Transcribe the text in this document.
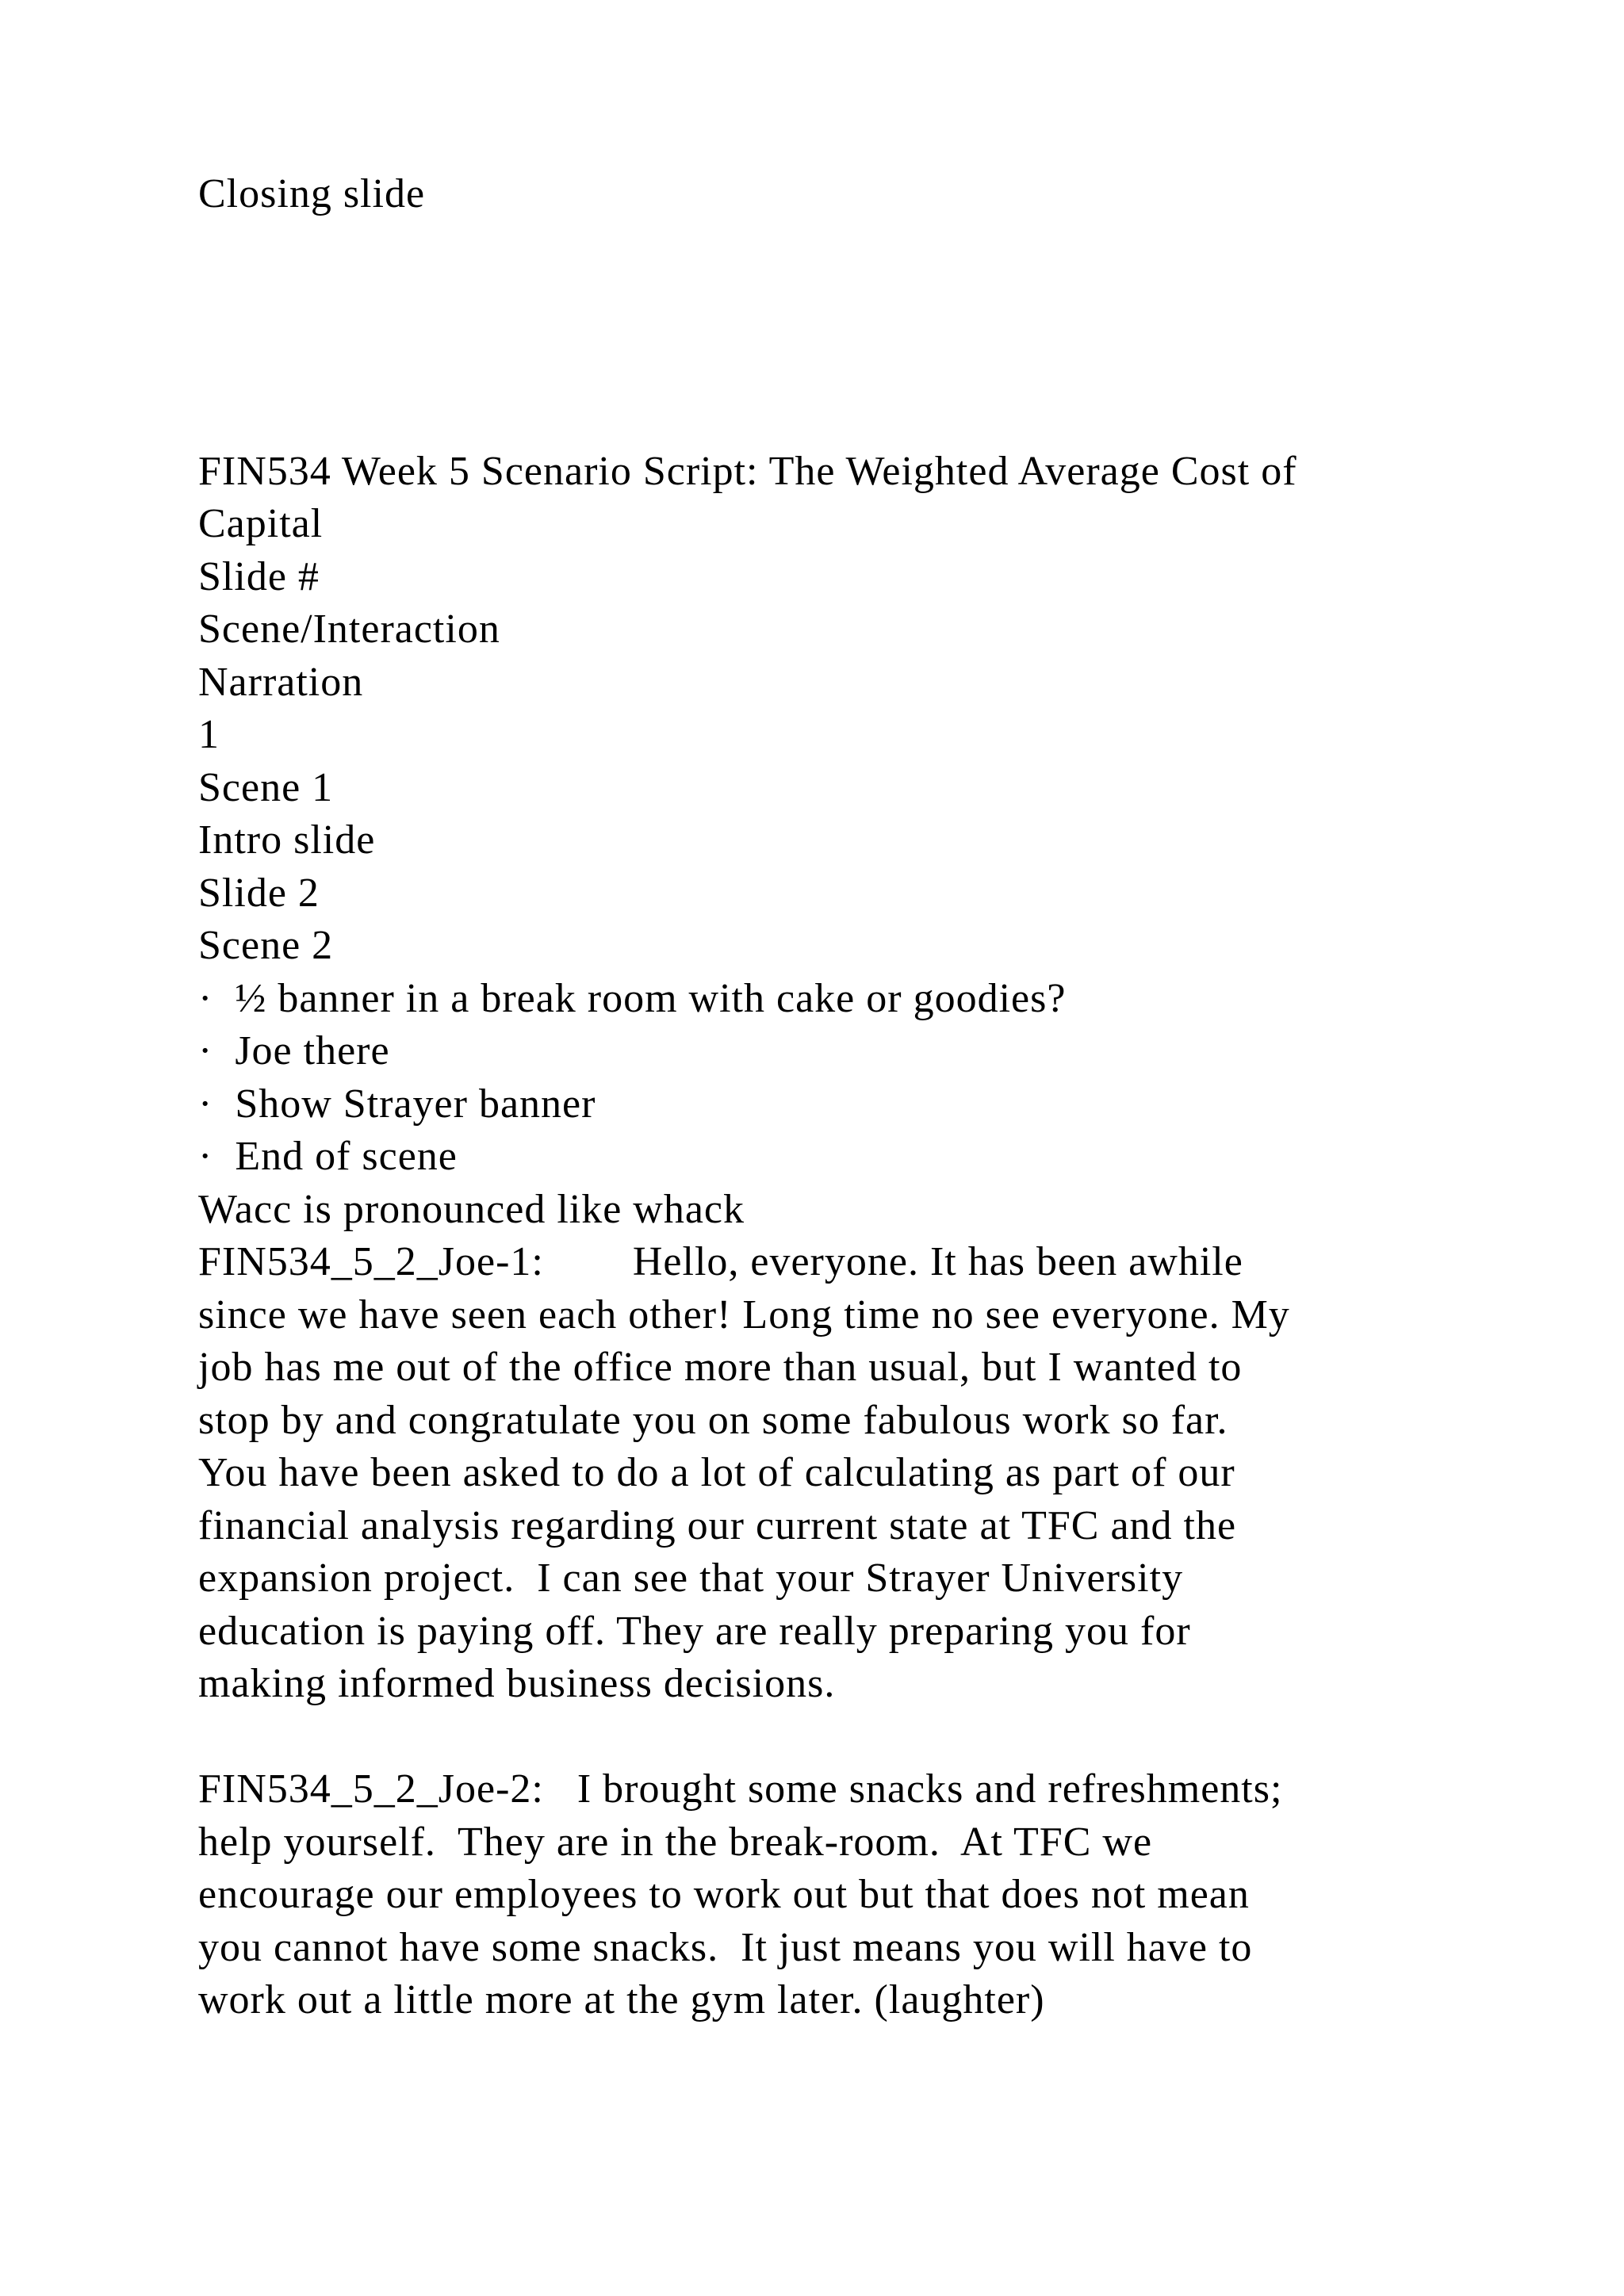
Closing slide
FIN534 Week 5 Scenario Script: The Weighted Average Cost of
Capital
Slide #
Scene/Interaction
Narration
1
Scene 1
Intro slide
Slide 2
Scene 2
·  ½ banner in a break room with cake or goodies?
·  Joe there
·  Show Strayer banner
·  End of scene
Wacc is pronounced like whack
FIN534_5_2_Joe-1:        Hello, everyone. It has been awhile
since we have seen each other! Long time no see everyone. My
job has me out of the office more than usual, but I wanted to
stop by and congratulate you on some fabulous work so far.
You have been asked to do a lot of calculating as part of our
financial analysis regarding our current state at TFC and the
expansion project.  I can see that your Strayer University
education is paying off. They are really preparing you for
making informed business decisions.
FIN534_5_2_Joe-2:   I brought some snacks and refreshments;
help yourself.  They are in the break-room.  At TFC we
encourage our employees to work out but that does not mean
you cannot have some snacks.  It just means you will have to
work out a little more at the gym later. (laughter)
